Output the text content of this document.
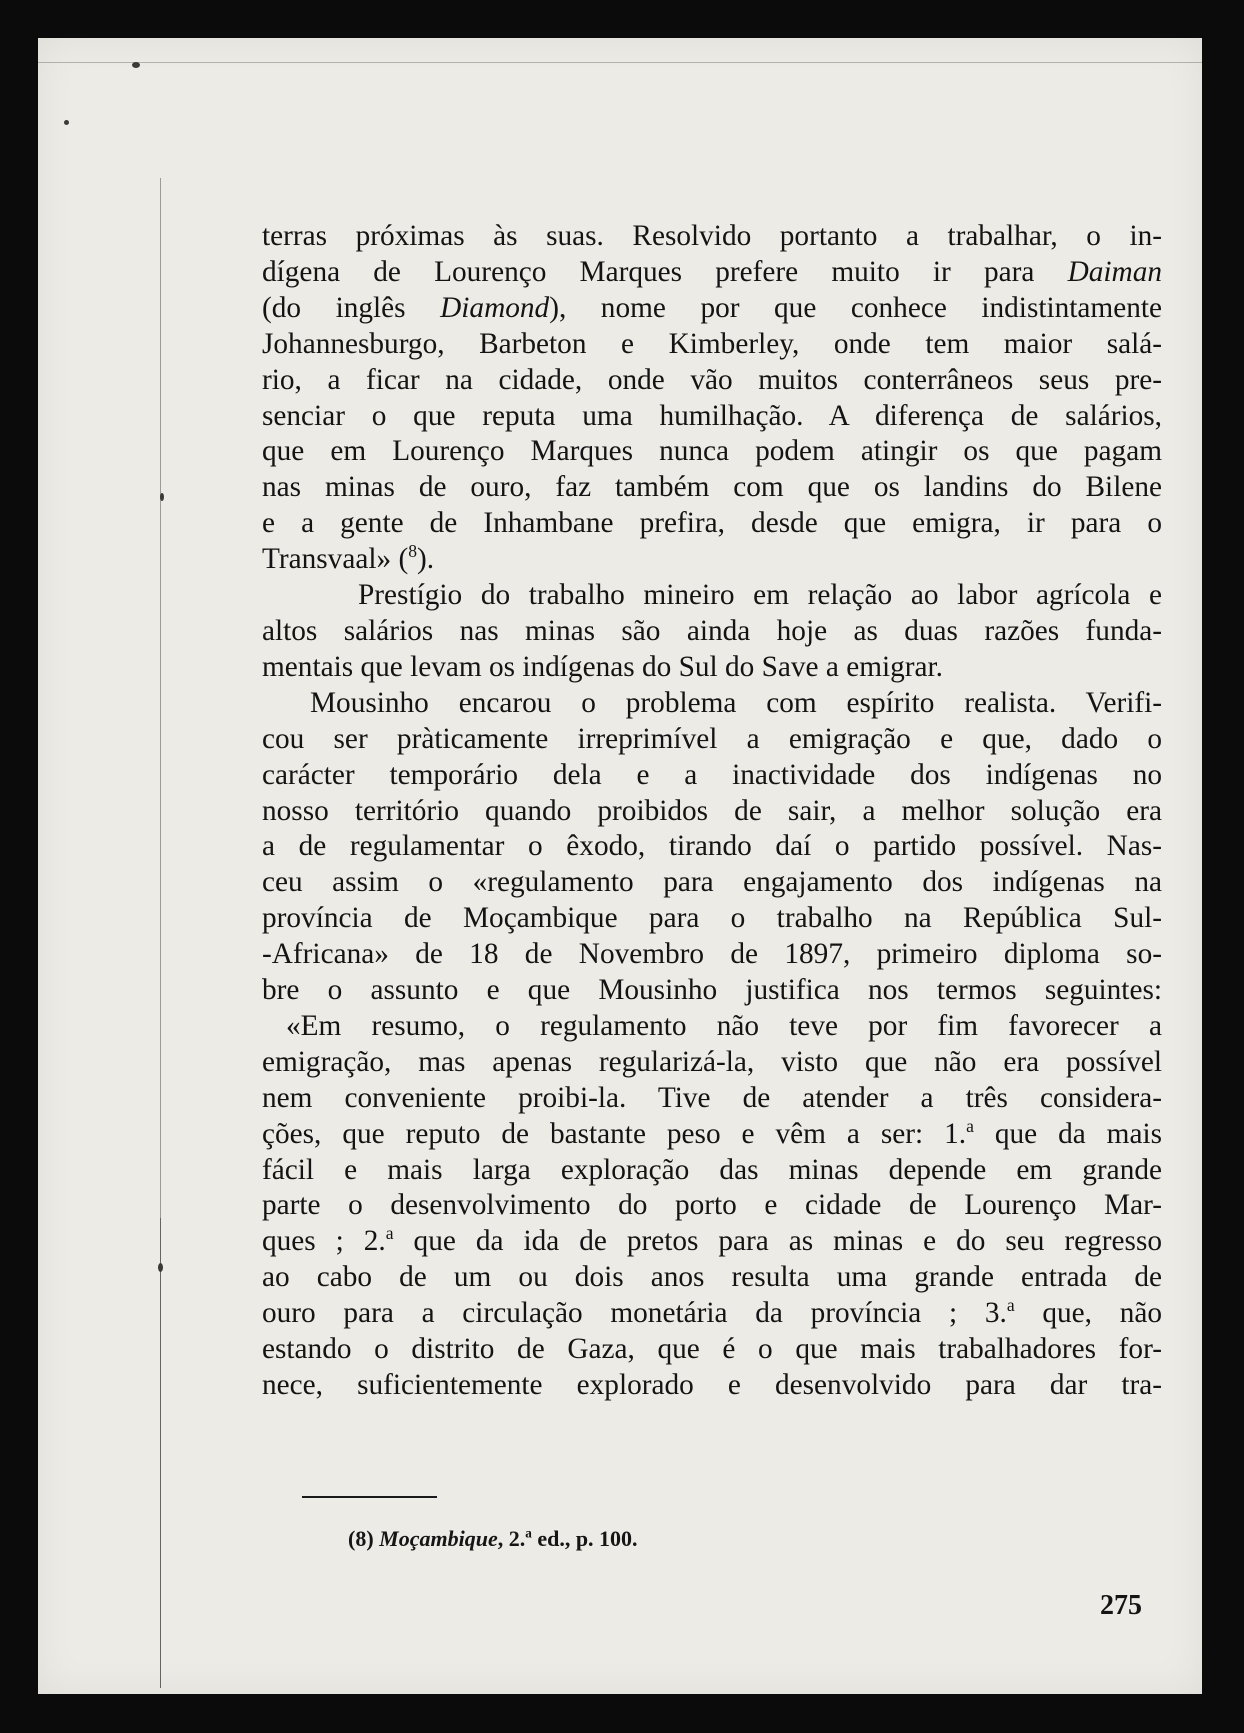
terras próximas às suas. Resolvido portanto a trabalhar, o in-
dígena de Lourenço Marques prefere muito ir para Daiman
(do inglês Diamond), nome por que conhece indistintamente
Johannesburgo, Barbeton e Kimberley, onde tem maior salá-
rio, a ficar na cidade, onde vão muitos conterrâneos seus pre-
senciar o que reputa uma humilhação. A diferença de salários,
que em Lourenço Marques nunca podem atingir os que pagam
nas minas de ouro, faz também com que os landins do Bilene
e a gente de Inhambane prefira, desde que emigra, ir para o
Transvaal» ($^8$).

Prestígio do trabalho mineiro em relação ao labor agrícola e
altos salários nas minas são ainda hoje as duas razões funda-
mentais que levam os indígenas do Sul do Save a emigrar.

Mousinho encarou o problema com espírito realista. Verifi-
cou ser pràticamente irreprimível a emigração e que, dado o
carácter temporário dela e a inactividade dos indígenas no
nosso território quando proibidos de sair, a melhor solução era
a de regulamentar o êxodo, tirando daí o partido possível. Nas-
ceu assim o «regulamento para engajamento dos indígenas na
província de Moçambique para o trabalho na República Sul-
-Africana» de 18 de Novembro de 1897, primeiro diploma so-
bre o assunto e que Mousinho justifica nos termos seguintes:

«Em resumo, o regulamento não teve por fim favorecer a
emigração, mas apenas regularizá-la, visto que não era possível
nem conveniente proibi-la. Tive de atender a três considera-
ções, que reputo de bastante peso e vêm a ser: 1.$^a$ que da mais
fácil e mais larga exploração das minas depende em grande
parte o desenvolvimento do porto e cidade de Lourenço Mar-
ques ; 2.$^a$ que da ida de pretos para as minas e do seu regresso
ao cabo de um ou dois anos resulta uma grande entrada de
ouro para a circulação monetária da província ; 3.$^a$ que, não
estando o distrito de Gaza, que é o que mais trabalhadores for-
nece, suficientemente explorado e desenvolvido para dar tra-

(8) Moçambique, 2.$^a$ ed., p. 100.
275
